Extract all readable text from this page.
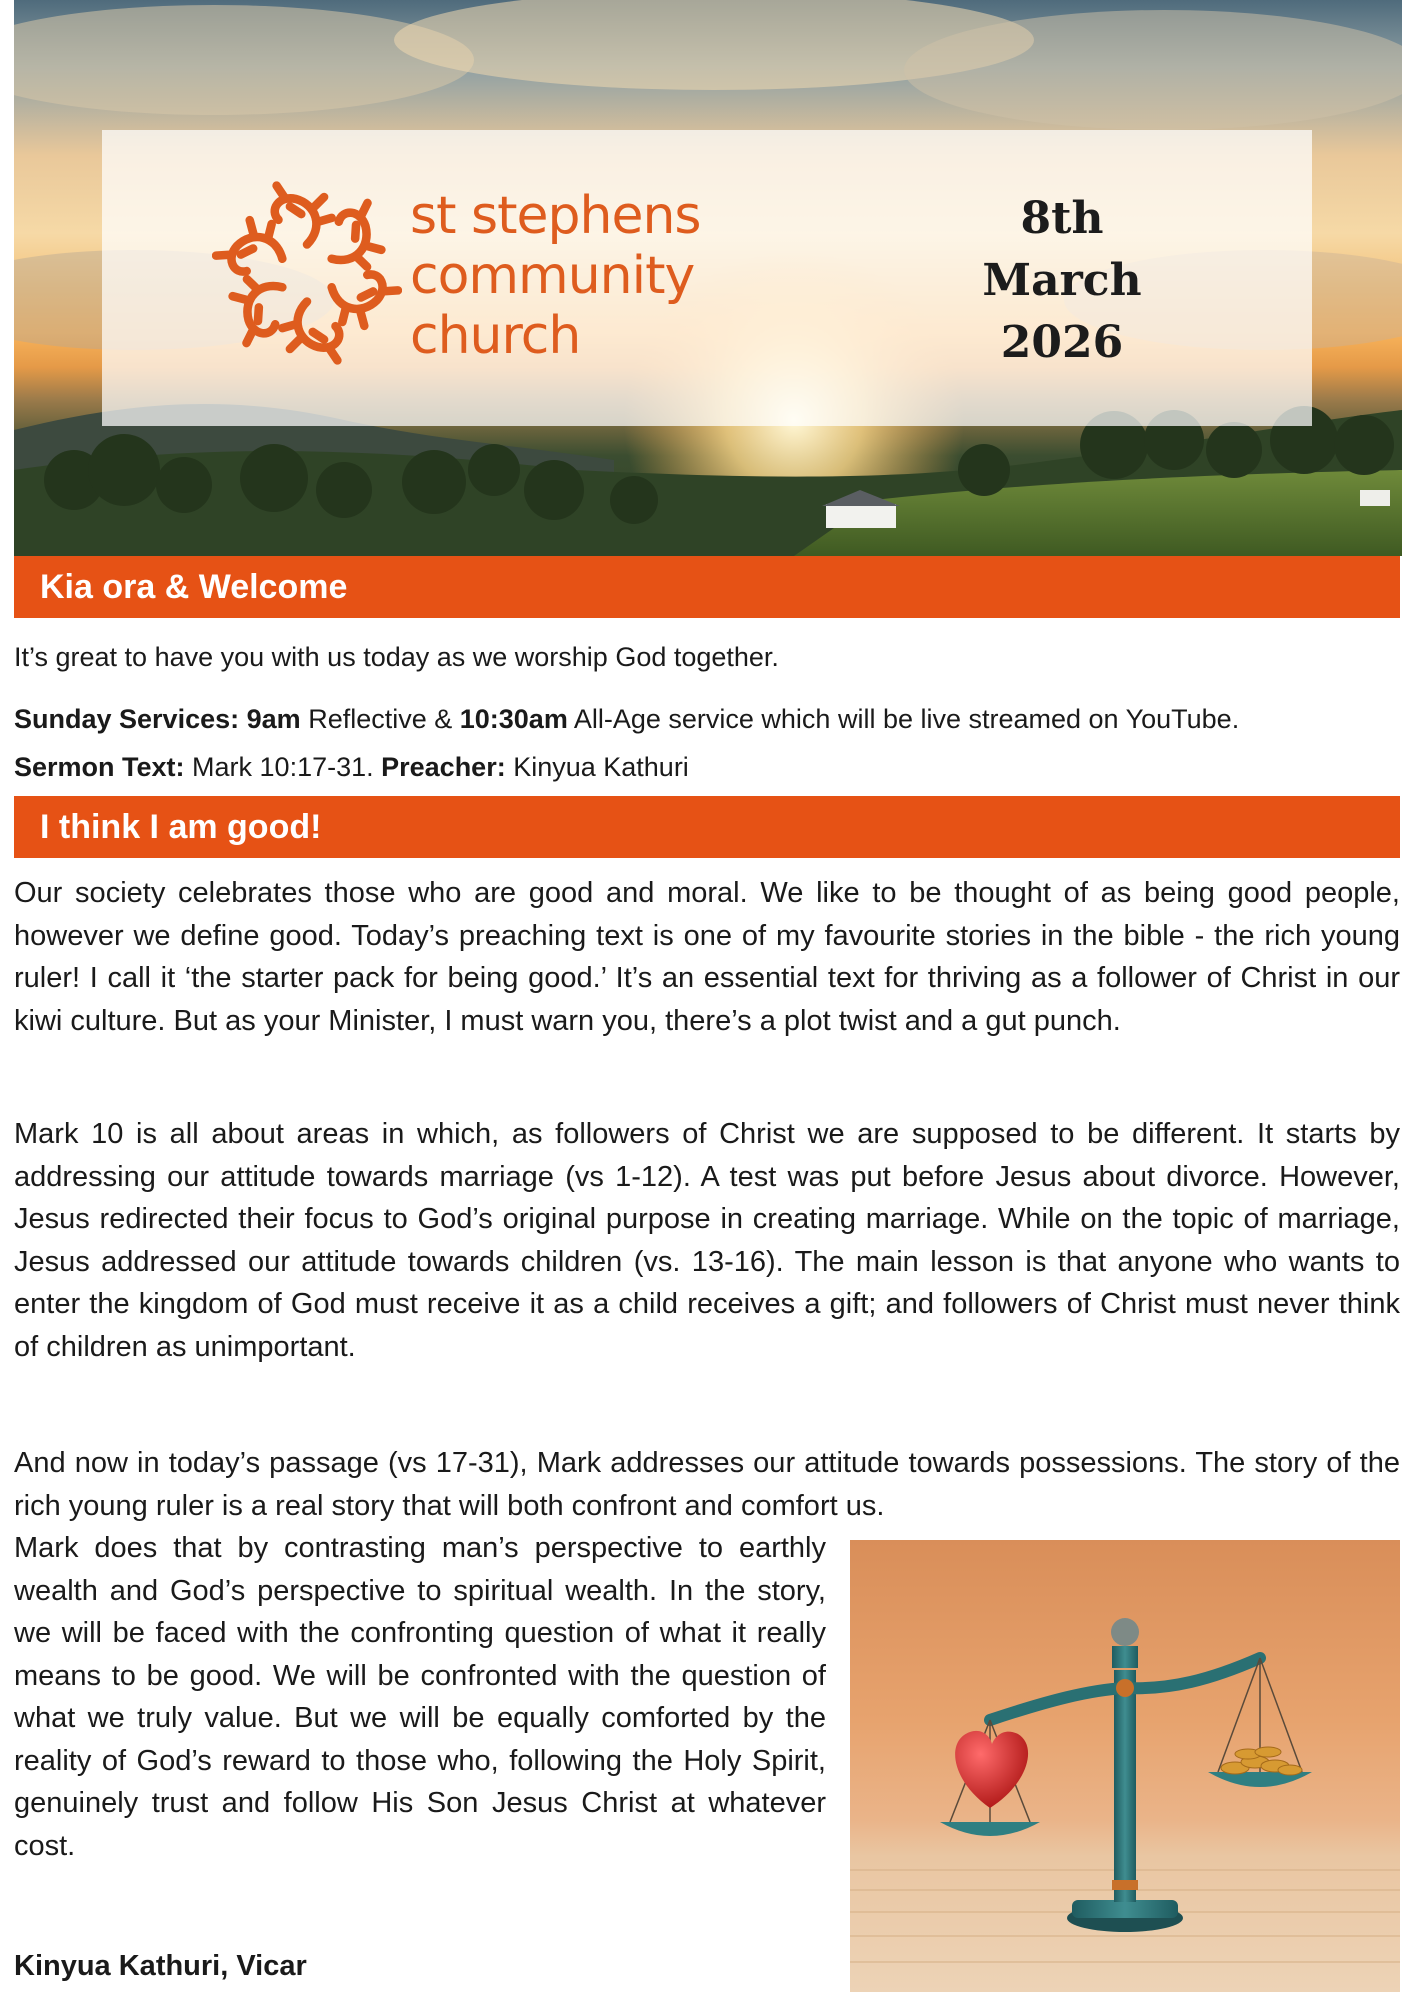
st stephens
community
church
8th
March
2026
Kia ora & Welcome
It’s great to have you with us today as we worship God together.
Sunday Services: 9am Reflective & 10:30am All-Age service which will be live streamed on YouTube.
Sermon Text: Mark 10:17-31. Preacher: Kinyua Kathuri
I think I am good!
Our society celebrates those who are good and moral. We like to be thought of as being good people, however we define good. Today’s preaching text is one of my favourite stories in the bible - the rich young ruler! I call it ‘the starter pack for being good.’ It’s an essential text for thriving as a follower of Christ in our kiwi culture. But as your Minister, I must warn you, there’s a plot twist and a gut punch.
Mark 10 is all about areas in which, as followers of Christ we are supposed to be different. It starts by addressing our attitude towards marriage (vs 1-12). A test was put before Jesus about divorce. However, Jesus redirected their focus to God’s original purpose in creating marriage. While on the topic of marriage, Jesus addressed our attitude towards children (vs. 13-16). The main lesson is that anyone who wants to enter the kingdom of God must receive it as a child receives a gift; and followers of Christ must never think of children as unimportant.
And now in today’s passage (vs 17-31), Mark addresses our attitude towards possessions. The story of the rich young ruler is a real story that will both confront and comfort us.
Mark does that by contrasting man’s perspective to earthly wealth and God’s perspective to spiritual wealth. In the story, we will be faced with the confronting question of what it really means to be good. We will be confronted with the question of what we truly value. But we will be equally comforted by the reality of God’s reward to those who, following the Holy Spirit, genuinely trust and follow His Son Jesus Christ at whatever cost.
Kinyua Kathuri, Vicar
